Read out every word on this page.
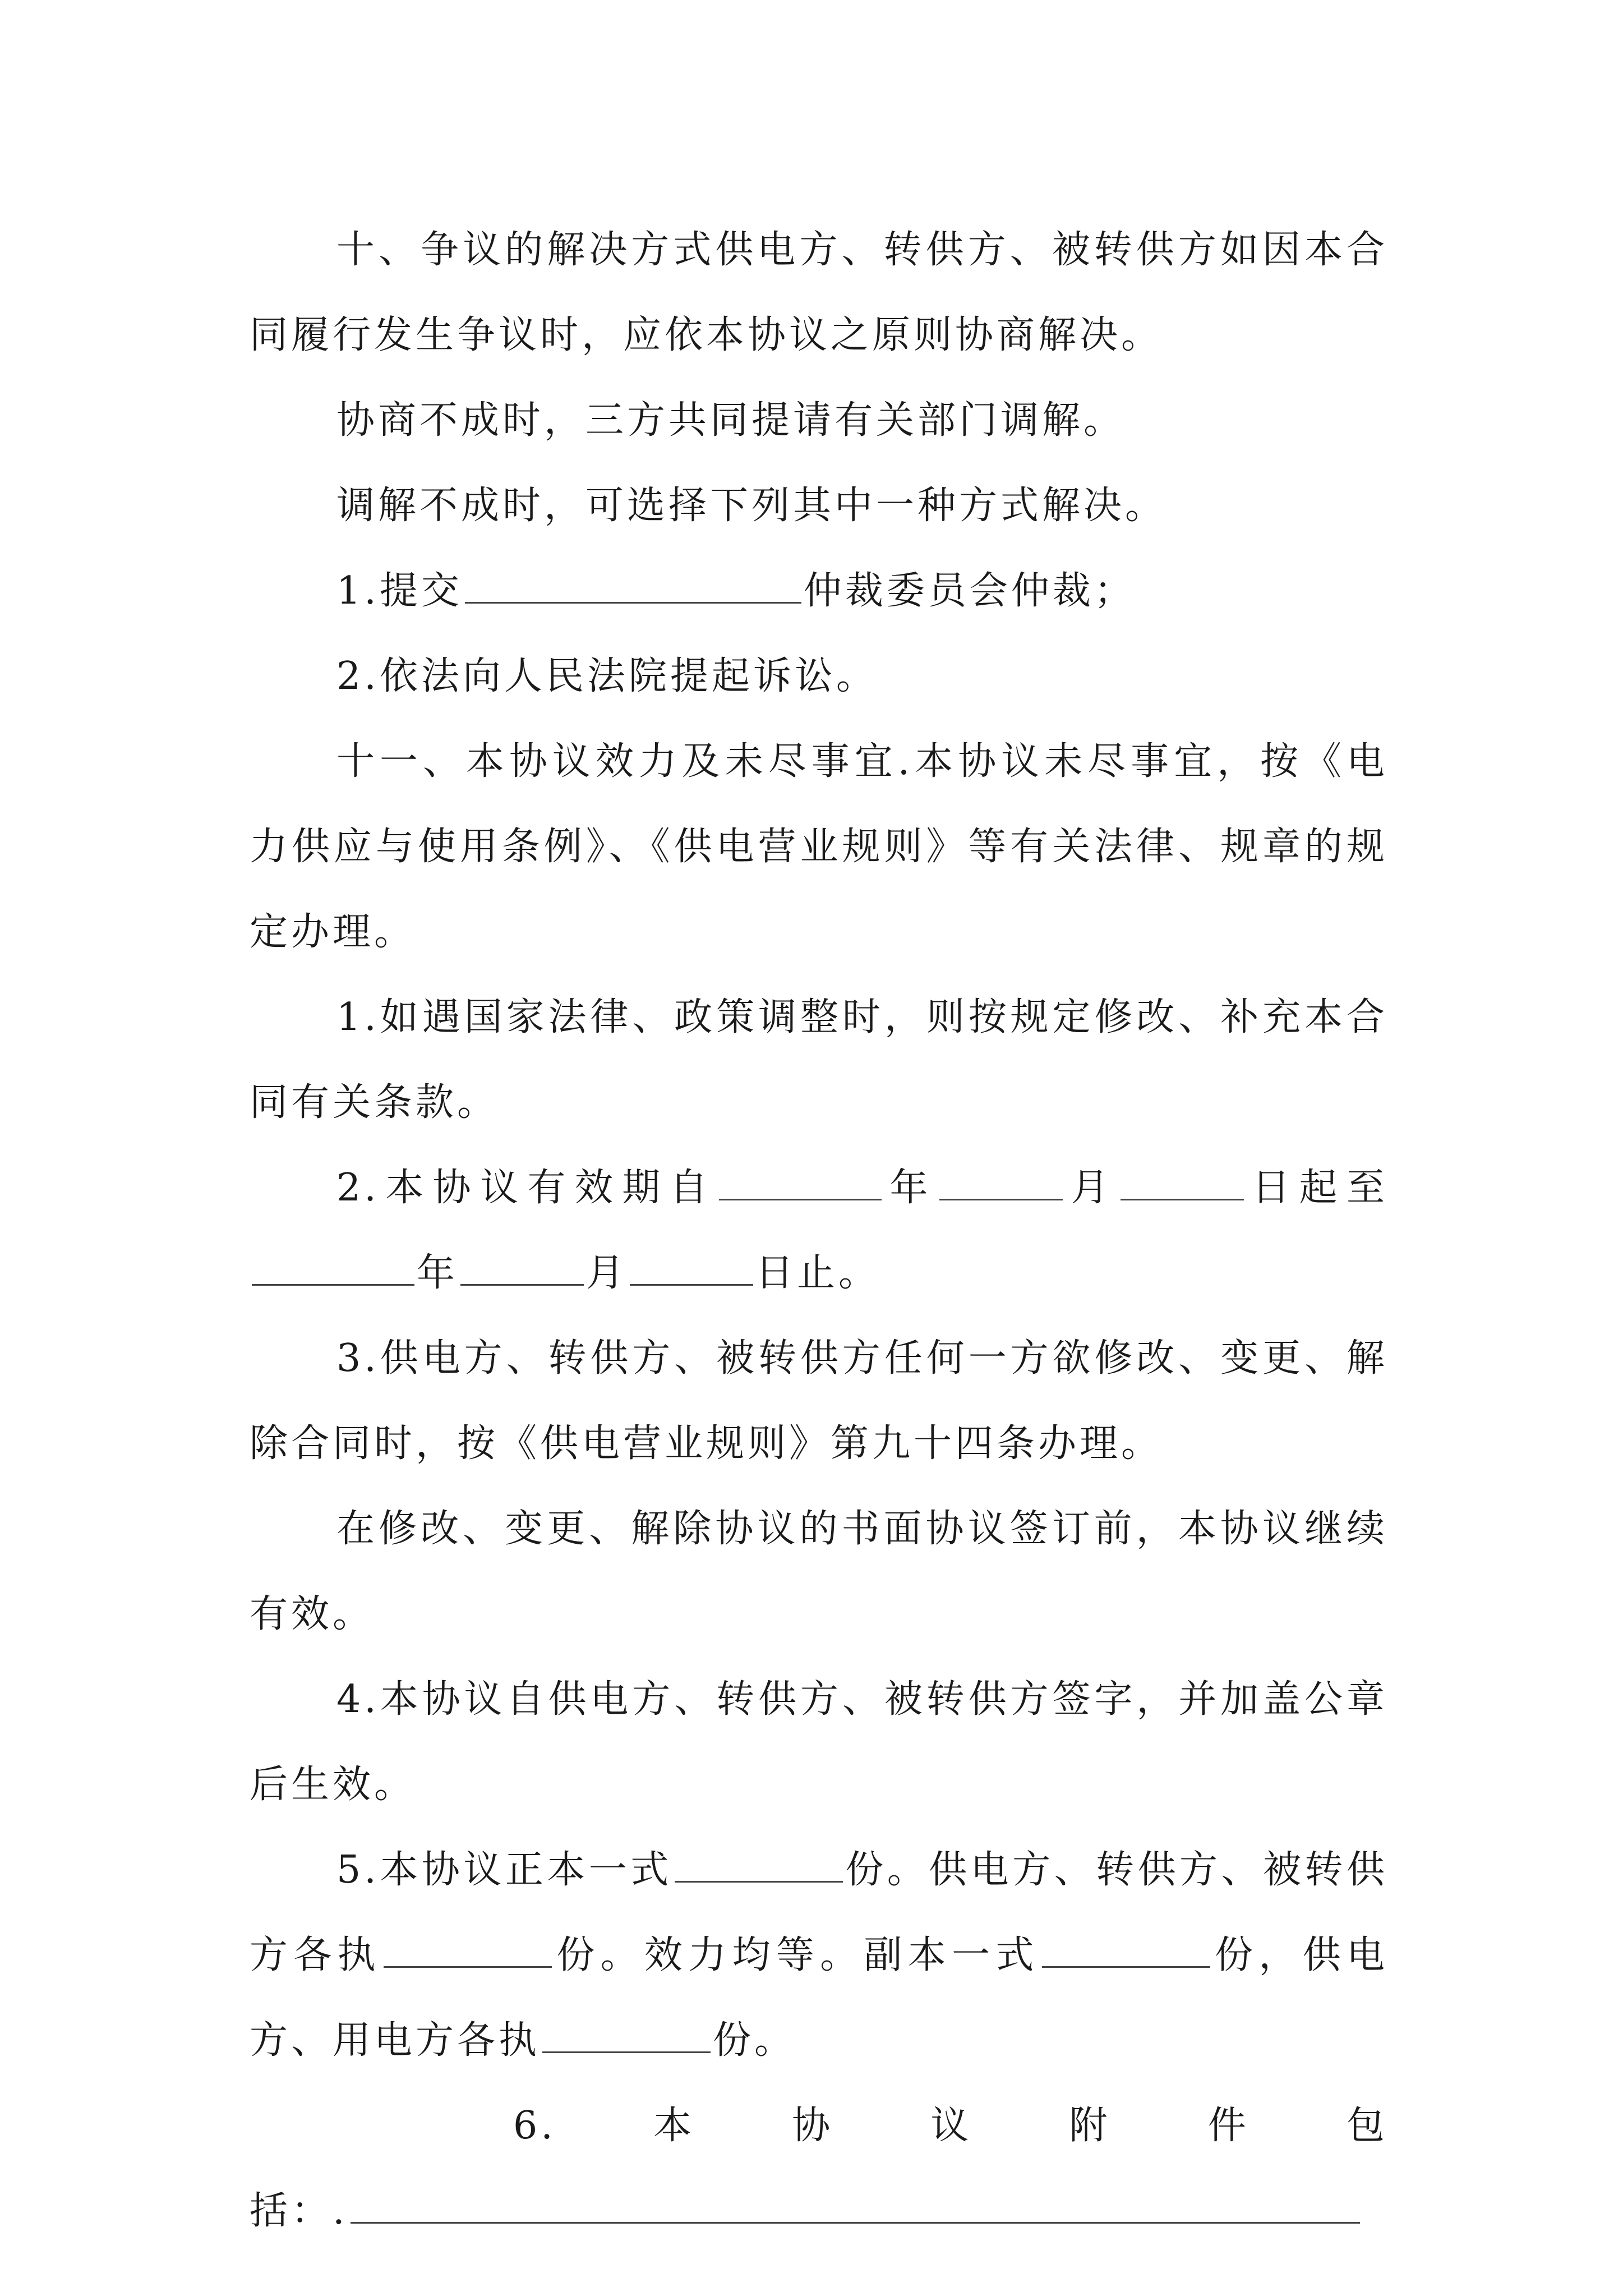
十、争议的解决方式供电方、转供方、被转供方如因本合同履行发生争议时，应依本协议之原则协商解决。

协商不成时，三方共同提请有关部门调解。

调解不成时，可选择下列其中一种方式解决。

1.提交	仲裁委员会仲裁；

2.依法向人民法院提起诉讼。

十一、本协议效力及未尽事宜.本协议未尽事宜，按《电力供应与使用条例》、《供电营业规则》等有关法律、规章的规定办理。

1.如遇国家法律、政策调整时，则按规定修改、补充本合同有关条款。

2.本协议有效期自	年	月	日起至年	月	日止。

3.供电方、转供方、被转供方任何一方欲修改、变更、解除合同时，按《供电营业规则》第九十四条办理。

在修改、变更、解除协议的书面协议签订前，本协议继续有效。

4.本协议自供电方、转供方、被转供方签字，并加盖公章后生效。

5.本协议正本一式	份。供电方、转供方、被转供方各执	份。效力均等。副本一式	份，供电方、用电方各执	份。

6.	本	协	议	附	件	包

括：.
